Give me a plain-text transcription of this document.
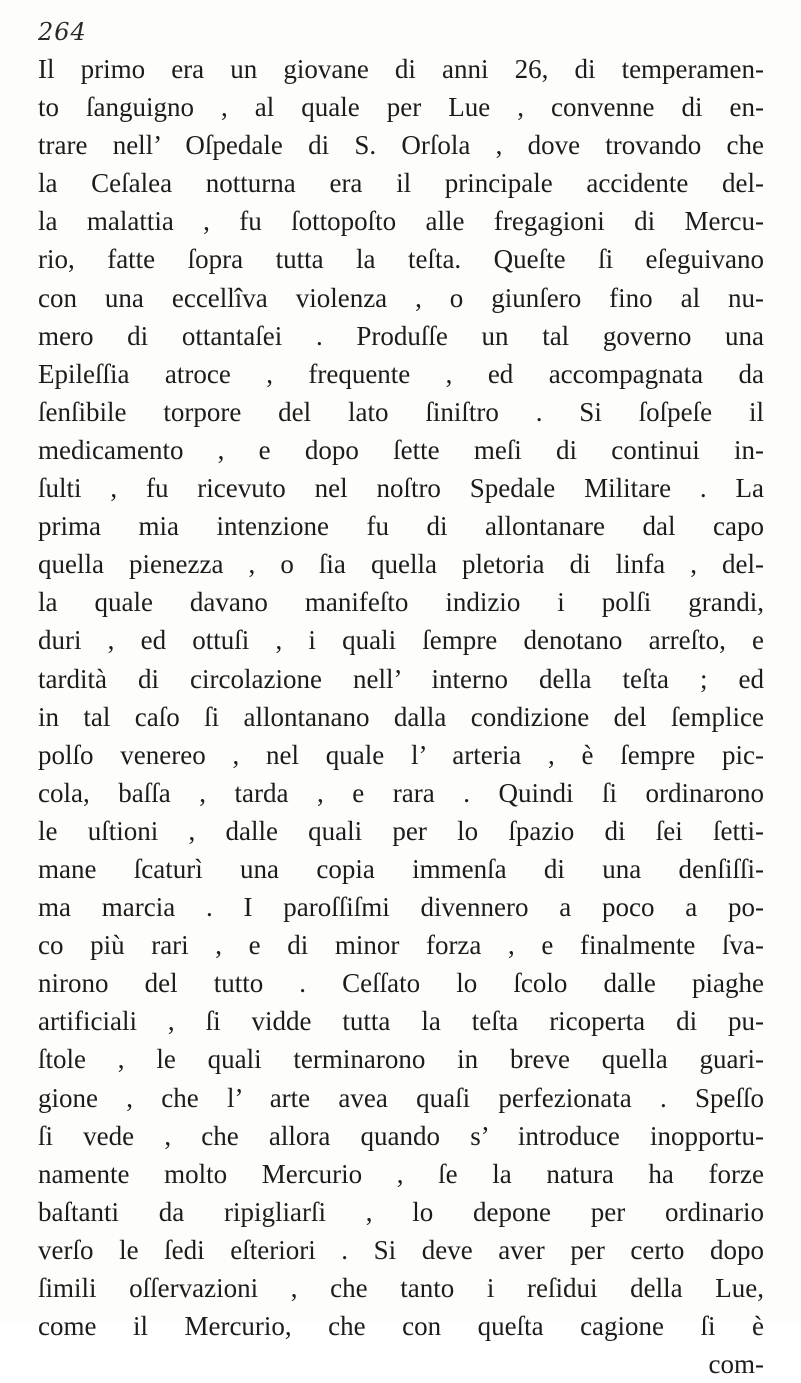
264
Il primo era un giovane di anni 26, di temperamen-
to ſanguigno , al quale per Lue , convenne di en-
trare nell’ Oſpedale di S. Orſola , dove trovando che
la Ceſalea notturna era il principale accidente del-
la malattia , fu ſottopoſto alle fregagioni di Mercu-
rio, fatte ſopra tutta la teſta. Queſte ſi eſeguivano
con una eccellîva violenza , o giunſero fino al nu-
mero di ottantaſei . Produſſe un tal governo una
Epileſſia atroce , frequente , ed accompagnata da
ſenſibile torpore del lato ſiniſtro . Si ſoſpeſe il
medicamento , e dopo ſette meſi di continui in-
ſulti , fu ricevuto nel noſtro Spedale Militare . La
prima mia intenzione fu di allontanare dal capo
quella pienezza , o ſia quella pletoria di linfa , del-
la quale davano manifeſto indizio i polſi grandi,
duri , ed ottuſi , i quali ſempre denotano arreſto, e
tardità di circolazione nell’ interno della teſta ; ed
in tal caſo ſi allontanano dalla condizione del ſemplice
polſo venereo , nel quale l’ arteria , è ſempre pic-
cola, baſſa , tarda , e rara . Quindi ſi ordinarono
le uſtioni , dalle quali per lo ſpazio di ſei ſetti-
mane ſcaturì una copia immenſa di una denſiſſi-
ma marcia . I paroſſiſmi divennero a poco a po-
co più rari , e di minor forza , e finalmente ſva-
nirono del tutto . Ceſſato lo ſcolo dalle piaghe
artificiali , ſi vidde tutta la teſta ricoperta di pu-
ſtole , le quali terminarono in breve quella guari-
gione , che l’ arte avea quaſi perfezionata . Speſſo
ſi vede , che allora quando s’ introduce inopportu-
namente molto Mercurio , ſe la natura ha forze
baſtanti da ripigliarſi , lo depone per ordinario
verſo le ſedi eſteriori . Si deve aver per certo dopo
ſimili oſſervazioni , che tanto i reſidui della Lue,
come il Mercurio, che con queſta cagione ſi è
com-
